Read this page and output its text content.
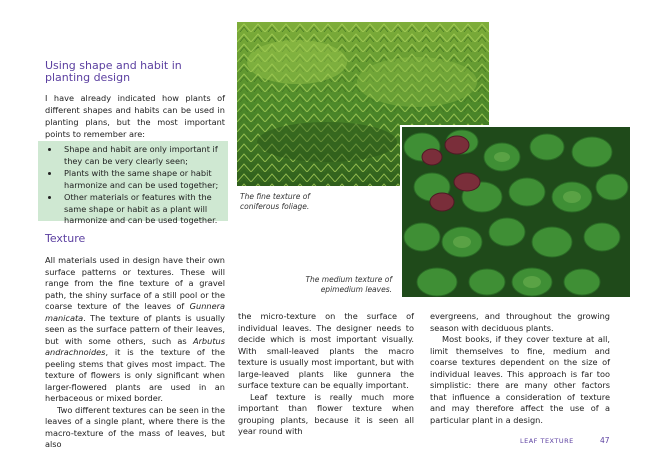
Using shape and habit in planting design
I have already indicated how plants of different shapes and habits can be used in planting plans, but the most important points to remember are:
• Shape and habit are only important if they can be very clearly seen;
• Plants with the same shape or habit harmonize and can be used together;
• Other materials or features with the same shape or habit as a plant will harmonize and can be used together.
Texture

All materials used in design have their own surface patterns or textures. These will range from the fine texture of a gravel path, the shiny surface of a still pool or the coarse texture of the leaves of Gunnera manicata. The texture of plants is usually seen as the surface pattern of their leaves, but with some others, such as Arbutus andrachnoides, it is the texture of the peeling stems that gives most impact. The texture of flowers is only significant when larger-flowered plants are used in an herbaceous or mixed border.

Two different textures can be seen in the leaves of a single plant, where there is the macro-texture of the mass of leaves, but also

the micro-texture on the surface of individual leaves. The designer needs to decide which is most important visually. With small-leaved plants the macro texture is usually most important, but with large-leaved plants like gunnera the surface texture can be equally important.

Leaf texture is really much more important than flower texture when grouping plants, because it is seen all year round with

evergreens, and throughout the growing season with deciduous plants.

Most books, if they cover texture at all, limit themselves to fine, medium and coarse textures dependent on the size of individual leaves. This approach is far too simplistic: there are many other factors that influence a consideration of texture and may therefore affect the use of a particular plant in a design.

The fine texture of coniferous foliage.
The medium texture of epimedium leaves.
LEAF TEXTURE	47
